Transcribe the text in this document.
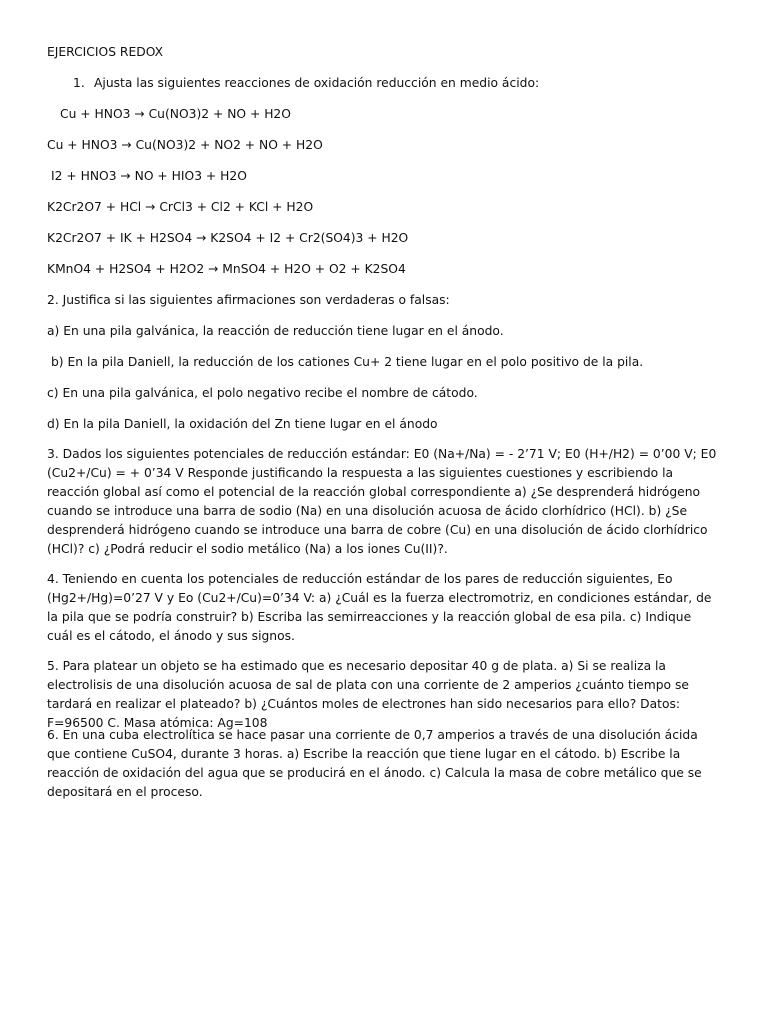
EJERCICIOS REDOX
1. Ajusta las siguientes reacciones de oxidación reducción en medio ácido:
Cu + HNO3 → Cu(NO3)2 + NO + H2O
Cu + HNO3 → Cu(NO3)2 + NO2 + NO + H2O
I2 + HNO3 → NO + HIO3 + H2O
K2Cr2O7 + HCl → CrCl3 + Cl2 + KCl + H2O
K2Cr2O7 + IK + H2SO4 → K2SO4 + I2 + Cr2(SO4)3 + H2O
KMnO4 + H2SO4 + H2O2 → MnSO4 + H2O + O2 + K2SO4
2. Justifica si las siguientes afirmaciones son verdaderas o falsas:
a) En una pila galvánica, la reacción de reducción tiene lugar en el ánodo.
b) En la pila Daniell, la reducción de los cationes Cu+ 2 tiene lugar en el polo positivo de la pila.
c) En una pila galvánica, el polo negativo recibe el nombre de cátodo.
d) En la pila Daniell, la oxidación del Zn tiene lugar en el ánodo
3. Dados los siguientes potenciales de reducción estándar: E0 (Na+/Na) = - 2’71 V; E0 (H+/H2) = 0’00 V; E0 (Cu2+/Cu) = + 0’34 V Responde justificando la respuesta a las siguientes cuestiones y escribiendo la reacción global así como el potencial de la reacción global correspondiente a) ¿Se desprenderá hidrógeno cuando se introduce una barra de sodio (Na) en una disolución acuosa de ácido clorhídrico (HCl). b) ¿Se desprenderá hidrógeno cuando se introduce una barra de cobre (Cu) en una disolución de ácido clorhídrico (HCl)? c) ¿Podrá reducir el sodio metálico (Na) a los iones Cu(II)?.
4. Teniendo en cuenta los potenciales de reducción estándar de los pares de reducción siguientes, Eo (Hg2+/Hg)=0’27 V y Eo (Cu2+/Cu)=0’34 V: a) ¿Cuál es la fuerza electromotriz, en condiciones estándar, de la pila que se podría construir? b) Escriba las semirreacciones y la reacción global de esa pila. c) Indique cuál es el cátodo, el ánodo y sus signos.
5. Para platear un objeto se ha estimado que es necesario depositar 40 g de plata. a) Si se realiza la electrolisis de una disolución acuosa de sal de plata con una corriente de 2 amperios ¿cuánto tiempo se tardará en realizar el plateado? b) ¿Cuántos moles de electrones han sido necesarios para ello? Datos: F=96500 C. Masa atómica: Ag=108
6. En una cuba electrolítica se hace pasar una corriente de 0,7 amperios a través de una disolución ácida que contiene CuSO4, durante 3 horas. a) Escribe la reacción que tiene lugar en el cátodo. b) Escribe la reacción de oxidación del agua que se producirá en el ánodo. c) Calcula la masa de cobre metálico que se depositará en el proceso.
